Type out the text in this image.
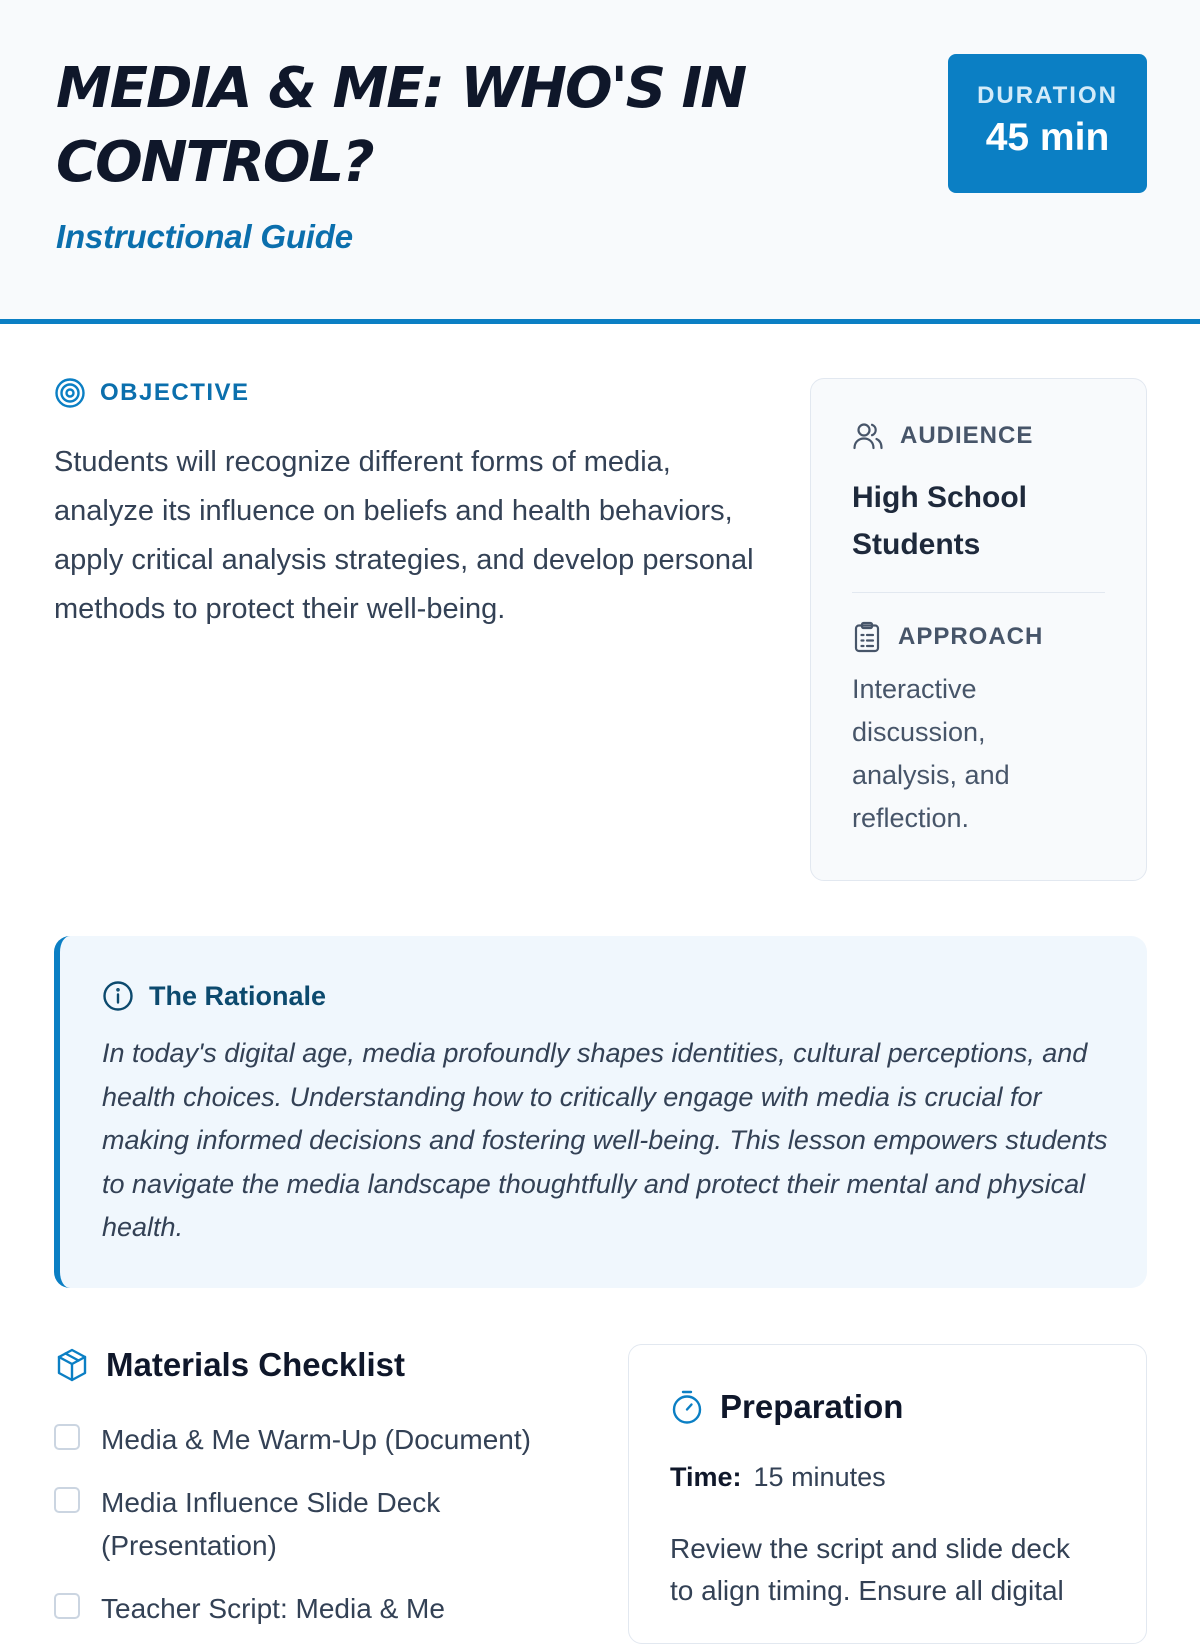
MEDIA & ME: WHO'S IN CONTROL?
Instructional Guide
DURATION
45 min
OBJECTIVE

Students will recognize different forms of media, analyze its influence on beliefs and health behaviors, apply critical analysis strategies, and develop personal methods to protect their well-being.

AUDIENCE
High School Students
APPROACH

Interactive discussion, analysis, and reflection.

The Rationale

In today's digital age, media profoundly shapes identities, cultural perceptions, and health choices. Understanding how to critically engage with media is crucial for making informed decisions and fostering well-being. This lesson empowers students to navigate the media landscape thoughtfully and protect their mental and physical health.

Materials Checklist
Media & Me Warm-Up (Document)
Media Influence Slide Deck (Presentation)
Teacher Script: Media & Me
Preparation
Time: 15 minutes

Review the script and slide deck to align timing. Ensure all digital
